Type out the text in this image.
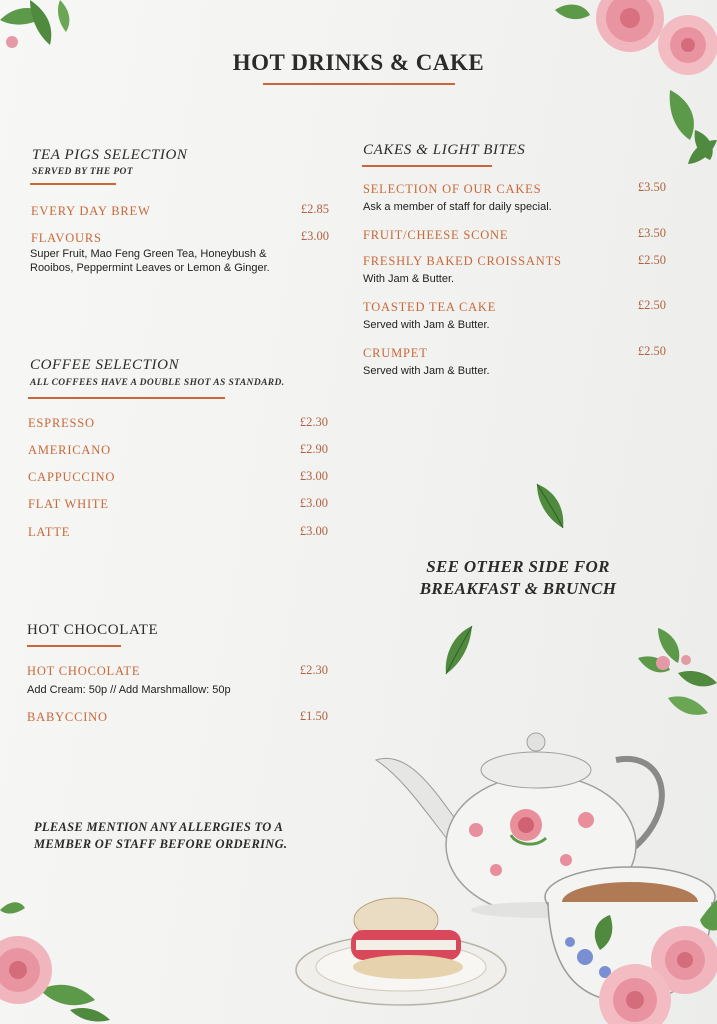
HOT DRINKS & CAKE
TEA PIGS SELECTION
SERVED BY THE POT
EVERY DAY BREW	£2.85
FLAVOURS	£3.00
Super Fruit, Mao Feng Green Tea, Honeybush &
Rooibos, Peppermint Leaves or Lemon & Ginger.
COFFEE SELECTION
ALL COFFEES HAVE A DOUBLE SHOT AS STANDARD.
ESPRESSO	£2.30
AMERICANO	£2.90
CAPPUCCINO	£3.00
FLAT WHITE	£3.00
LATTE	£3.00
HOT CHOCOLATE
HOT CHOCOLATE	£2.30
Add Cream: 50p // Add Marshmallow: 50p
BABYCCINO	£1.50
CAKES & LIGHT BITES
SELECTION OF OUR CAKES	£3.50
Ask a member of staff for daily special.
FRUIT/CHEESE SCONE	£3.50
FRESHLY BAKED CROISSANTS	£2.50
With Jam & Butter.
TOASTED TEA CAKE	£2.50
Served with Jam & Butter.
CRUMPET	£2.50
Served with Jam & Butter.
SEE OTHER SIDE FOR
BREAKFAST & BRUNCH
PLEASE MENTION ANY ALLERGIES TO A
MEMBER OF STAFF BEFORE ORDERING.
